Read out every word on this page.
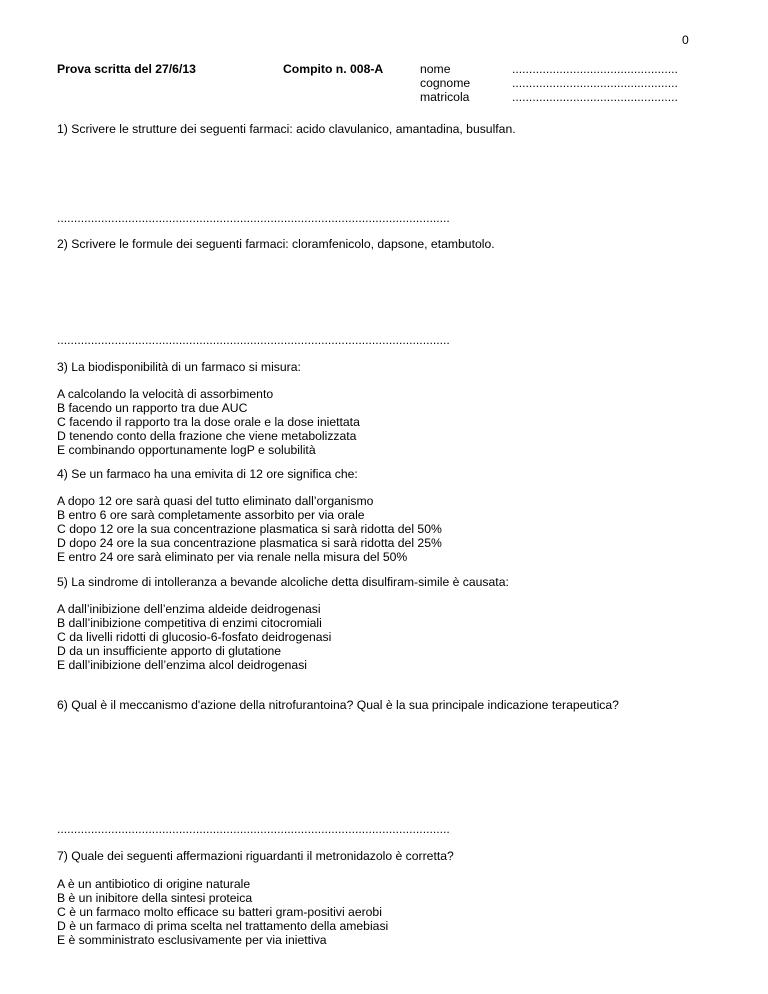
0
Prova scritta del 27/6/13	Compito n. 008-A	nome	.................................................
cognome	.................................................
matricola	.................................................
1) Scrivere le strutture dei seguenti farmaci: acido clavulanico, amantadina, busulfan.
....................................................................................................................
2) Scrivere le formule dei seguenti farmaci: cloramfenicolo, dapsone, etambutolo.
....................................................................................................................
3) La biodisponibilità di un farmaco si misura:
A calcolando la velocità di assorbimento
B facendo un rapporto tra due AUC
C facendo il rapporto tra la dose orale e la dose iniettata
D tenendo conto della frazione che viene metabolizzata
E combinando opportunamente logP e solubilità
4) Se un farmaco ha una emivita di 12 ore significa che:
A dopo 12 ore sarà quasi del tutto eliminato dall’organismo
B entro 6 ore sarà completamente assorbito per via orale
C dopo 12 ore la sua concentrazione plasmatica si sarà ridotta del 50%
D dopo 24 ore la sua concentrazione plasmatica si sarà ridotta del 25%
E entro 24 ore sarà eliminato per via renale nella misura del 50%
5) La sindrome di intolleranza a bevande alcoliche detta disulfiram-simile è causata:
A dall’inibizione dell’enzima aldeide deidrogenasi
B dall’inibizione competitiva di enzimi citocromiali
C da livelli ridotti di glucosio-6-fosfato deidrogenasi
D da un insufficiente apporto di glutatione
E dall’inibizione dell’enzima alcol deidrogenasi
6) Qual è il meccanismo d'azione della nitrofurantoina? Qual è la sua principale indicazione terapeutica?
....................................................................................................................
7) Quale dei seguenti affermazioni riguardanti il metronidazolo è corretta?
A è un antibiotico di origine naturale
B è un inibitore della sintesi proteica
C è un farmaco molto efficace su batteri gram-positivi aerobi
D è un farmaco di prima scelta nel trattamento della amebiasi
E è somministrato esclusivamente per via iniettiva
